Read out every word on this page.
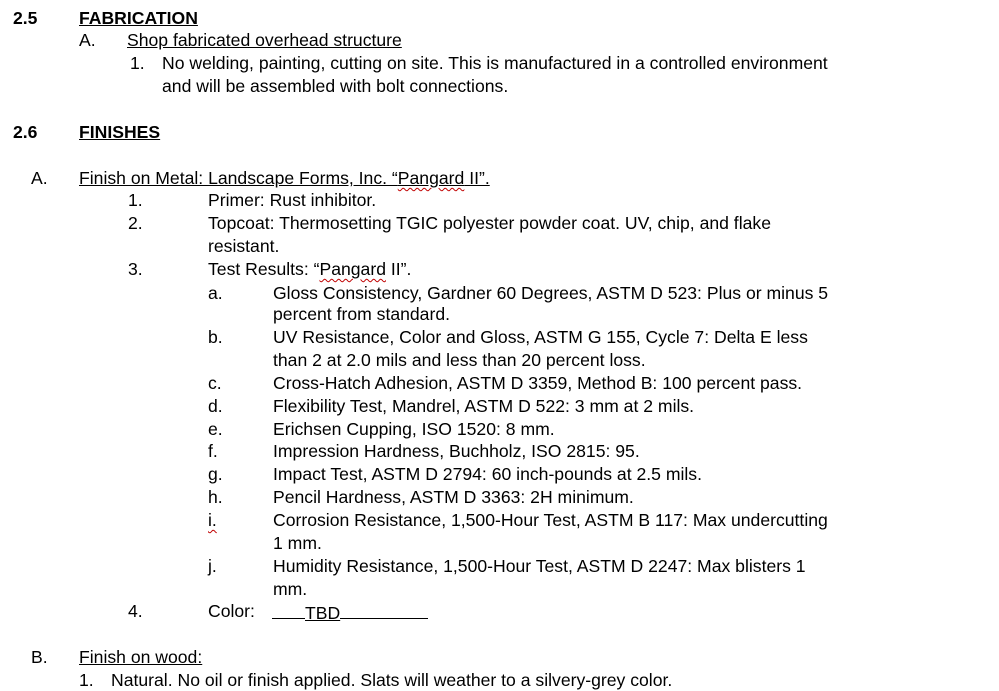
2.5 FABRICATION
A. Shop fabricated overhead structure
1. No welding, painting, cutting on site. This is manufactured in a controlled environment
and will be assembled with bolt connections.
2.6 FINISHES
A. Finish on Metal: Landscape Forms, Inc. “Pangard II”.
1.	Primer: Rust inhibitor.
2.	Topcoat: Thermosetting TGIC polyester powder coat. UV, chip, and flake
resistant.
3.	Test Results: “Pangard II”.
a.	Gloss Consistency, Gardner 60 Degrees, ASTM D 523: Plus or minus 5
percent from standard.
b.	UV Resistance, Color and Gloss, ASTM G 155, Cycle 7: Delta E less
than 2 at 2.0 mils and less than 20 percent loss.
c.	Cross-Hatch Adhesion, ASTM D 3359, Method B: 100 percent pass.
d.	Flexibility Test, Mandrel, ASTM D 522: 3 mm at 2 mils.
e.	Erichsen Cupping, ISO 1520: 8 mm.
f.	Impression Hardness, Buchholz, ISO 2815: 95.
g.	Impact Test, ASTM D 2794: 60 inch-pounds at 2.5 mils.
h.	Pencil Hardness, ASTM D 3363: 2H minimum.
i.	Corrosion Resistance, 1,500-Hour Test, ASTM B 117: Max undercutting
1 mm.
j.	Humidity Resistance, 1,500-Hour Test, ASTM D 2247: Max blisters 1
mm.
4.	Color:	TBD
B. Finish on wood:
1. Natural. No oil or finish applied. Slats will weather to a silvery-grey color.
